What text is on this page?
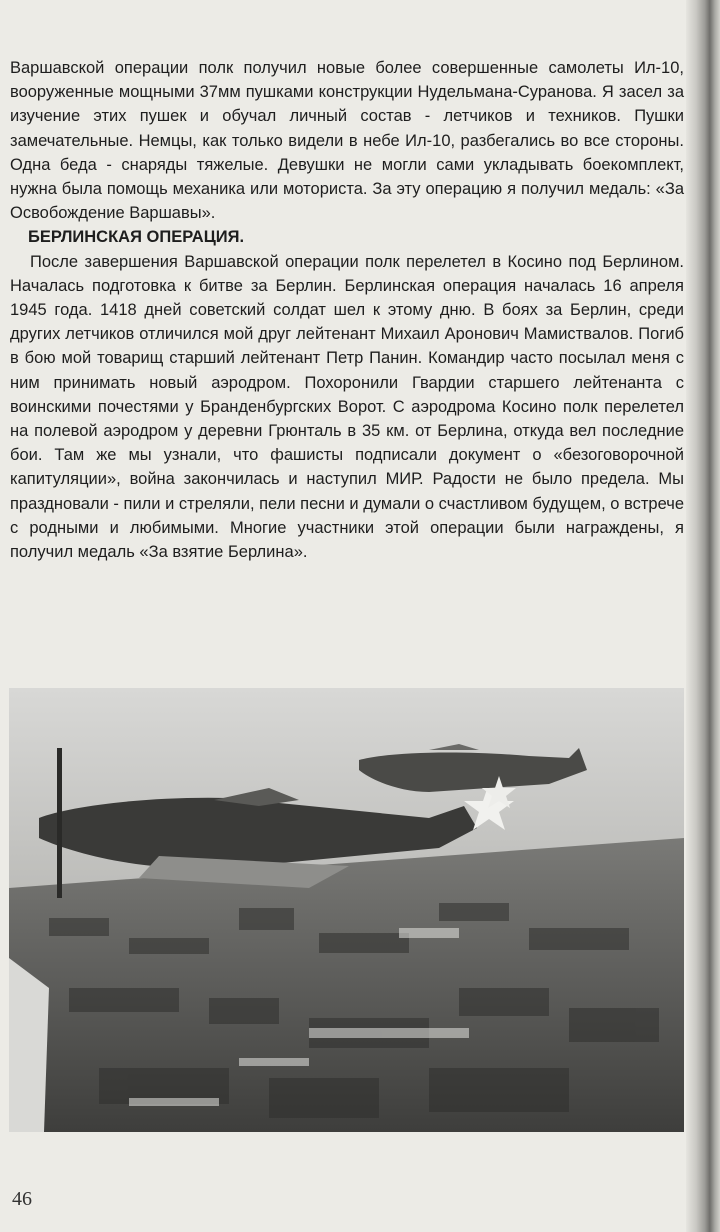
Варшавской операции полк получил новые более совершенные самолеты Ил-10, вооруженные мощными 37мм пушками конструкции Нудельмана-Суранова. Я засел за изучение этих пушек и обучал личный состав - летчиков и техников. Пушки замечательные. Немцы, как только видели в небе Ил-10, разбегались во все стороны. Одна беда - снаряды тяжелые. Девушки не могли сами укладывать боекомплект, нужна была помощь механика или моториста. За эту операцию я получил медаль: «За Освобождение Варшавы».

БЕРЛИНСКАЯ ОПЕРАЦИЯ.

После завершения Варшавской операции полк перелетел в Косино под Берлином. Началась подготовка к битве за Берлин. Берлинская операция началась 16 апреля 1945 года. 1418 дней советский солдат шел к этому дню. В боях за Берлин, среди других летчиков отличился мой друг лейтенант Михаил Аронович Мамиствалов. Погиб в бою мой товарищ старший лейтенант Петр Панин. Командир часто посылал меня с ним принимать новый аэродром. Похоронили Гвардии старшего лейтенанта с воинскими почестями у Бранденбургских Ворот. С аэродрома Косино полк перелетел на полевой аэродром у деревни Грюнталь в 35 км. от Берлина, откуда вел последние бои. Там же мы узнали, что фашисты подписали документ о «безоговорочной капитуляции», война закончилась и наступил МИР. Радости не было предела. Мы праздновали - пили и стреляли, пели песни и думали о счастливом будущем, о встрече с родными и любимыми. Многие участники этой операции были награждены, я получил медаль «За взятие Берлина».

46
